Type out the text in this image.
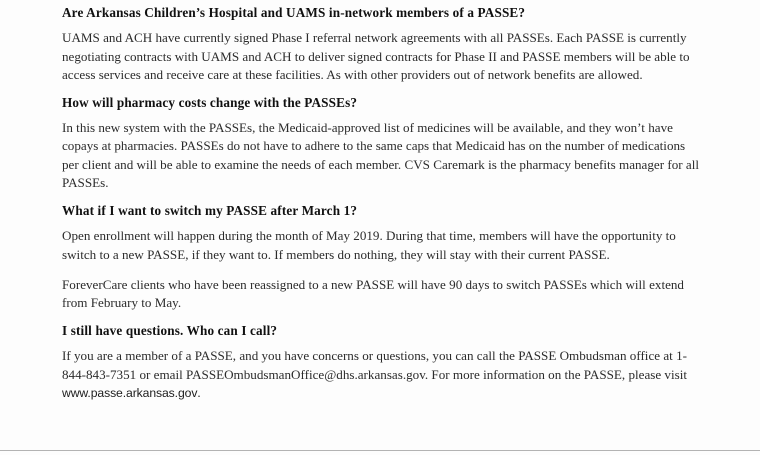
Are Arkansas Children’s Hospital and UAMS in-network members of a PASSE?

UAMS and ACH have currently signed Phase I referral network agreements with all PASSEs. Each PASSE is currently negotiating contracts with UAMS and ACH to deliver signed contracts for Phase II and PASSE members will be able to access services and receive care at these facilities. As with other providers out of network benefits are allowed.

How will pharmacy costs change with the PASSEs?

In this new system with the PASSEs, the Medicaid-approved list of medicines will be available, and they won’t have copays at pharmacies. PASSEs do not have to adhere to the same caps that Medicaid has on the number of medications per client and will be able to examine the needs of each member. CVS Caremark is the pharmacy benefits manager for all PASSEs.

What if I want to switch my PASSE after March 1?

Open enrollment will happen during the month of May 2019. During that time, members will have the opportunity to switch to a new PASSE, if they want to. If members do nothing, they will stay with their current PASSE.

ForeverCare clients who have been reassigned to a new PASSE will have 90 days to switch PASSEs which will extend from February to May.

I still have questions. Who can I call?

If you are a member of a PASSE, and you have concerns or questions, you can call the PASSE Ombudsman office at 1-844-843-7351 or email PASSEOmbudsmanOffice@dhs.arkansas.gov. For more information on the PASSE, please visit www.passe.arkansas.gov.
